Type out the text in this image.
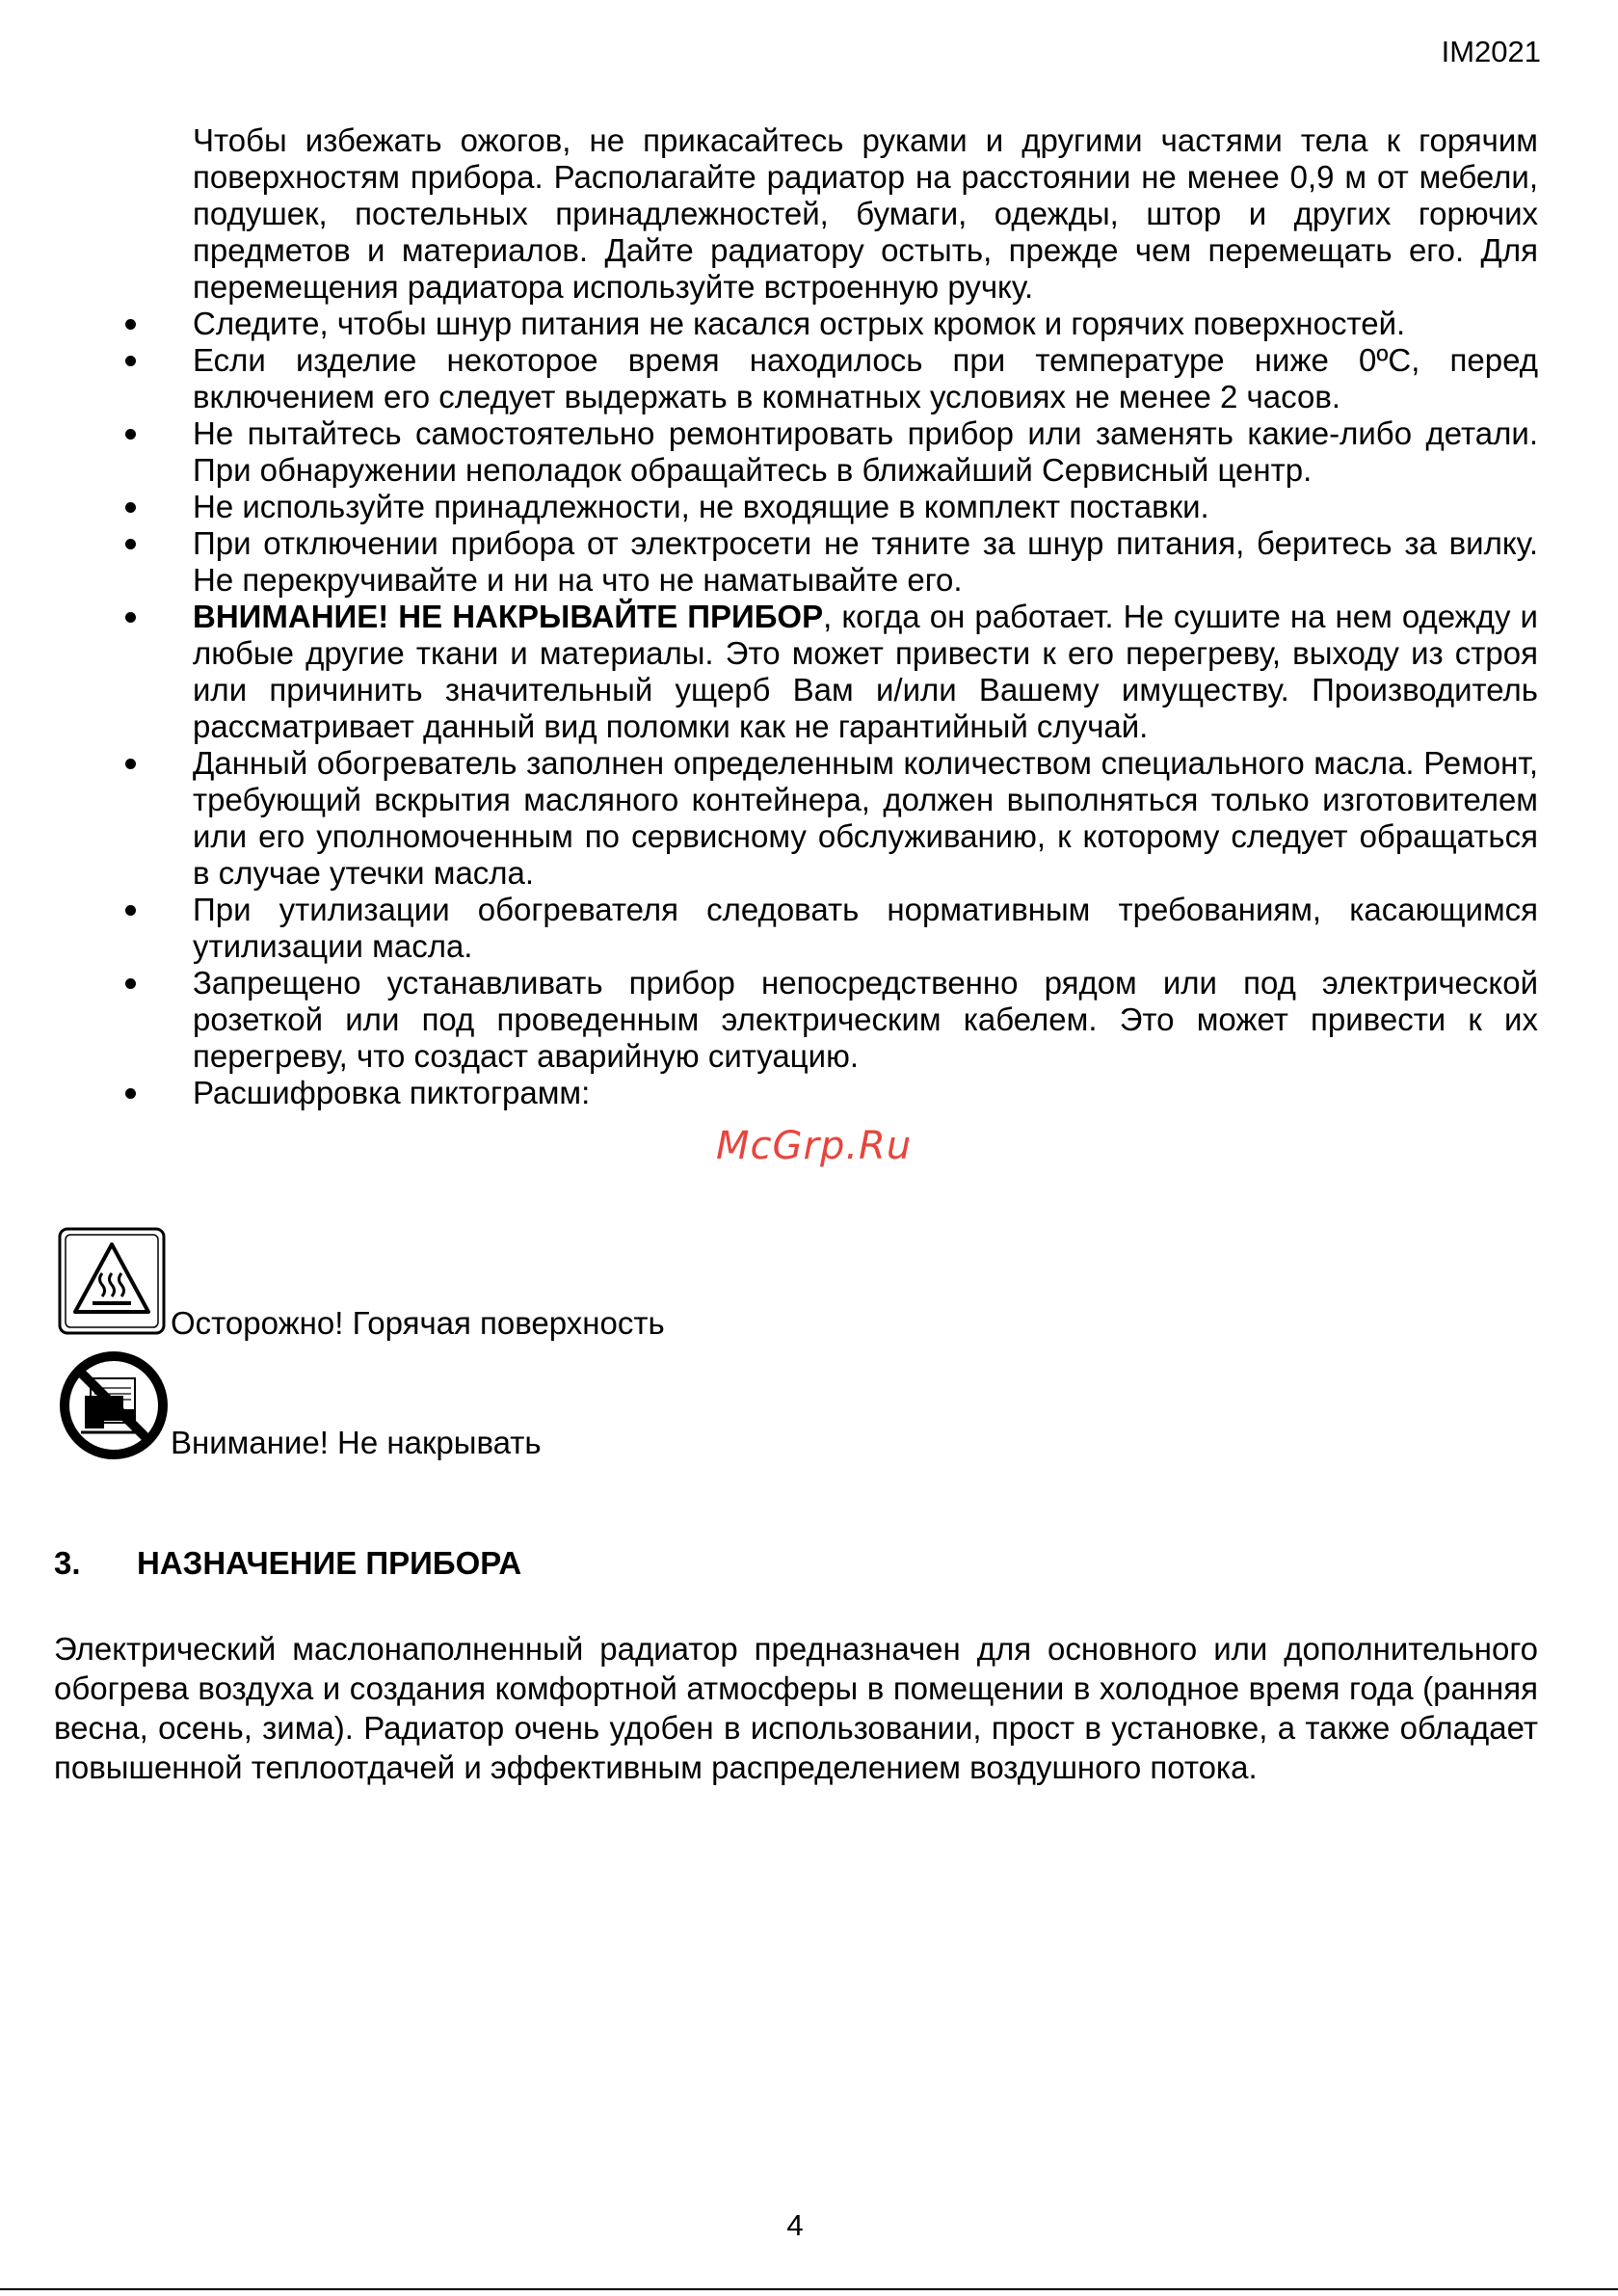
IM2021

Чтобы избежать ожогов, не прикасайтесь руками и другими частями тела к горячим поверхностям прибора. Располагайте радиатор на расстоянии не менее 0,9 м от мебели, подушек, постельных принадлежностей, бумаги, одежды, штор и других горючих предметов и материалов. Дайте радиатору остыть, прежде чем перемещать его. Для перемещения радиатора используйте встроенную ручку.

Следите, чтобы шнур питания не касался острых кромок и горячих поверхностей.
Если изделие некоторое время находилось при температуре ниже 0ºС, перед включением его следует выдержать в комнатных условиях не менее 2 часов.
Не пытайтесь самостоятельно ремонтировать прибор или заменять какие-либо детали. При обнаружении неполадок обращайтесь в ближайший Сервисный центр.
Не используйте принадлежности, не входящие в комплект поставки.
При отключении прибора от электросети не тяните за шнур питания, беритесь за вилку. Не перекручивайте и ни на что не наматывайте его.
ВНИМАНИЕ! НЕ НАКРЫВАЙТЕ ПРИБОР, когда он работает. Не сушите на нем одежду и любые другие ткани и материалы. Это может привести к его перегреву, выходу из строя или причинить значительный ущерб Вам и/или Вашему имуществу. Производитель рассматривает данный вид поломки как не гарантийный случай.
Данный обогреватель заполнен определенным количеством специального масла. Ремонт, требующий вскрытия масляного контейнера, должен выполняться только изготовителем или его уполномоченным по сервисному обслуживанию, к которому следует обращаться в случае утечки масла.
При утилизации обогревателя следовать нормативным требованиям, касающимся утилизации масла.
Запрещено устанавливать прибор непосредственно рядом или под электрической розеткой или под проведенным электрическим кабелем. Это может привести к их перегреву, что создаст аварийную ситуацию.
Расшифровка пиктограмм:
McGrp.Ru
Осторожно! Горячая поверхность
Внимание! Не накрывать
3. НАЗНАЧЕНИЕ ПРИБОРА

Электрический маслонаполненный радиатор предназначен для основного или дополнительного обогрева воздуха и создания комфортной атмосферы в помещении в холодное время года (ранняя весна, осень, зима). Радиатор очень удобен в использовании, прост в установке, а также обладает повышенной теплоотдачей и эффективным распределением воздушного потока.

4
